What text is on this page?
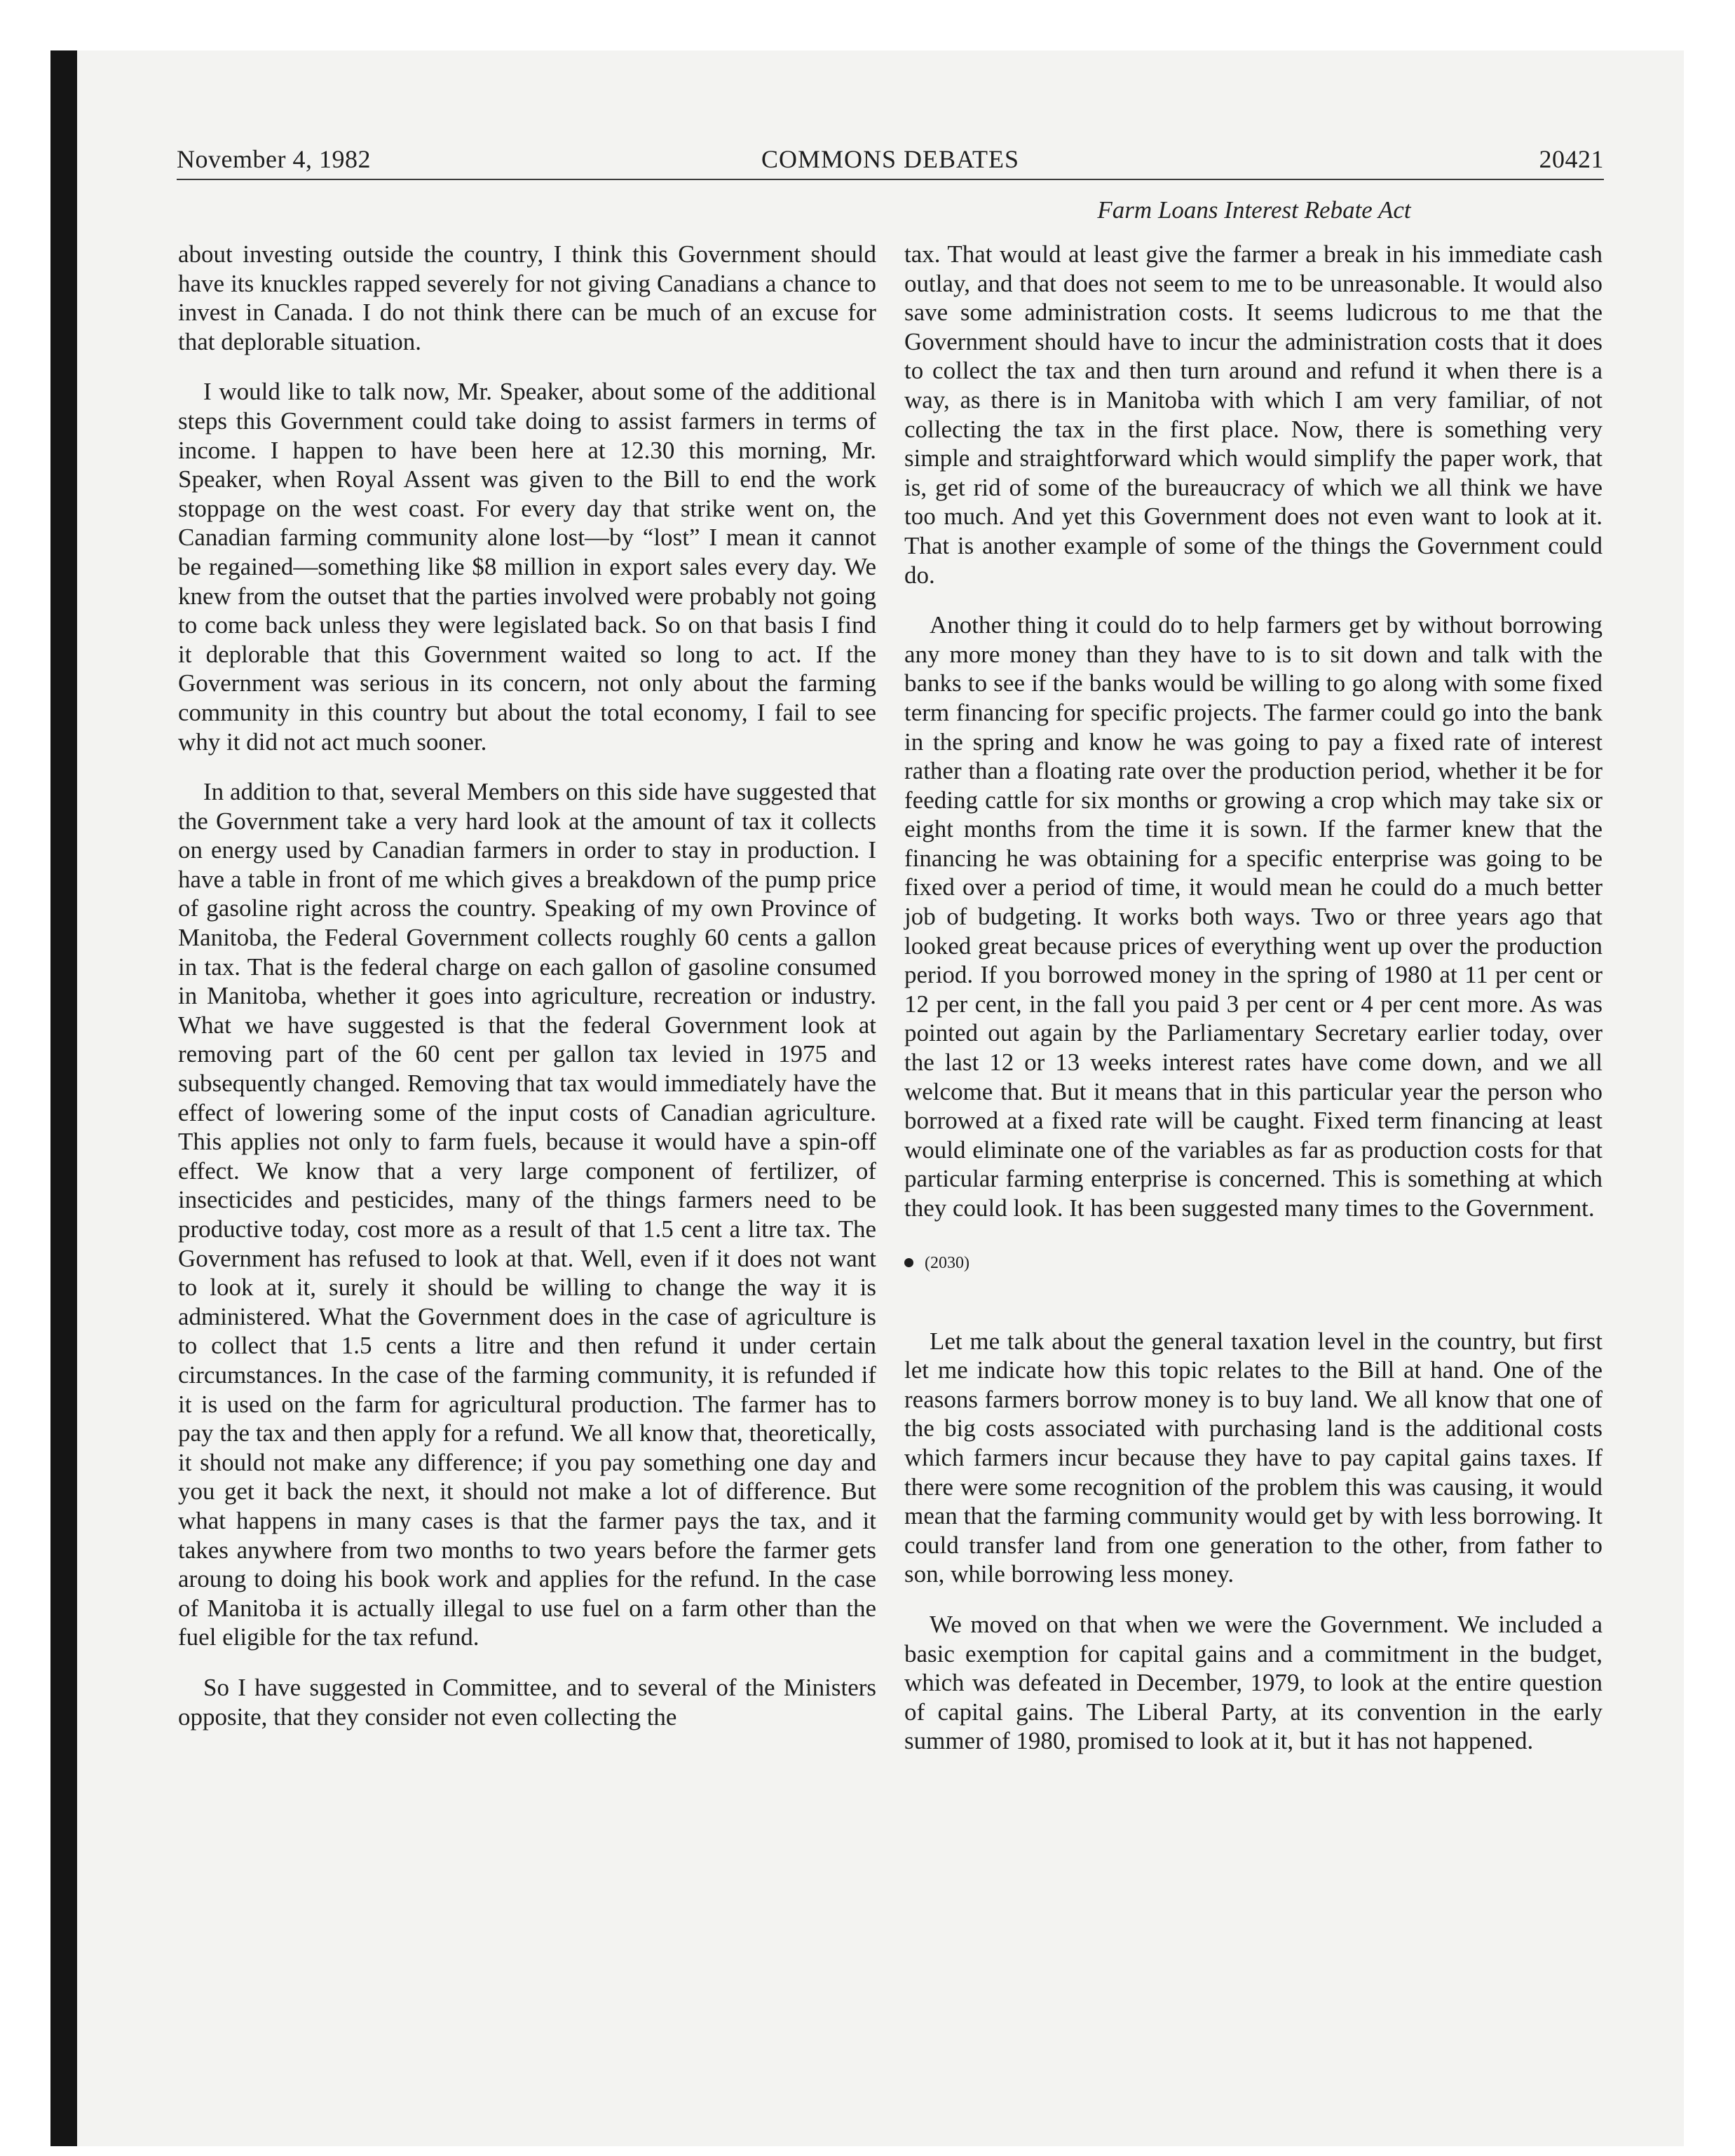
November 4, 1982	COMMONS DEBATES	20421
Farm Loans Interest Rebate Act

about investing outside the country, I think this Government should have its knuckles rapped severely for not giving Canadians a chance to invest in Canada. I do not think there can be much of an excuse for that deplorable situation.

I would like to talk now, Mr. Speaker, about some of the additional steps this Government could take doing to assist farmers in terms of income. I happen to have been here at 12.30 this morning, Mr. Speaker, when Royal Assent was given to the Bill to end the work stoppage on the west coast. For every day that strike went on, the Canadian farming community alone lost—by “lost” I mean it cannot be regained—something like $8 million in export sales every day. We knew from the outset that the parties involved were probably not going to come back unless they were legislated back. So on that basis I find it deplorable that this Government waited so long to act. If the Government was serious in its concern, not only about the farming community in this country but about the total economy, I fail to see why it did not act much sooner.

In addition to that, several Members on this side have suggested that the Government take a very hard look at the amount of tax it collects on energy used by Canadian farmers in order to stay in production. I have a table in front of me which gives a breakdown of the pump price of gasoline right across the country. Speaking of my own Province of Manitoba, the Federal Government collects roughly 60 cents a gallon in tax. That is the federal charge on each gallon of gasoline consumed in Manitoba, whether it goes into agriculture, recreation or industry. What we have suggested is that the federal Government look at removing part of the 60 cent per gallon tax levied in 1975 and subsequently changed. Removing that tax would immediately have the effect of lowering some of the input costs of Canadian agriculture. This applies not only to farm fuels, because it would have a spin-off effect. We know that a very large component of fertilizer, of insecticides and pesticides, many of the things farmers need to be productive today, cost more as a result of that 1.5 cent a litre tax. The Government has refused to look at that. Well, even if it does not want to look at it, surely it should be willing to change the way it is administered. What the Government does in the case of agriculture is to collect that 1.5 cents a litre and then refund it under certain circumstances. In the case of the farming community, it is refunded if it is used on the farm for agricultural production. The farmer has to pay the tax and then apply for a refund. We all know that, theoretically, it should not make any difference; if you pay something one day and you get it back the next, it should not make a lot of difference. But what happens in many cases is that the farmer pays the tax, and it takes anywhere from two months to two years before the farmer gets aroung to doing his book work and applies for the refund. In the case of Manitoba it is actually illegal to use fuel on a farm other than the fuel eligible for the tax refund.

So I have suggested in Committee, and to several of the Ministers opposite, that they consider not even collecting the

tax. That would at least give the farmer a break in his immediate cash outlay, and that does not seem to me to be unreasonable. It would also save some administration costs. It seems ludicrous to me that the Government should have to incur the administration costs that it does to collect the tax and then turn around and refund it when there is a way, as there is in Manitoba with which I am very familiar, of not collecting the tax in the first place. Now, there is something very simple and straightforward which would simplify the paper work, that is, get rid of some of the bureaucracy of which we all think we have too much. And yet this Government does not even want to look at it. That is another example of some of the things the Government could do.

Another thing it could do to help farmers get by without borrowing any more money than they have to is to sit down and talk with the banks to see if the banks would be willing to go along with some fixed term financing for specific projects. The farmer could go into the bank in the spring and know he was going to pay a fixed rate of interest rather than a floating rate over the production period, whether it be for feeding cattle for six months or growing a crop which may take six or eight months from the time it is sown. If the farmer knew that the financing he was obtaining for a specific enterprise was going to be fixed over a period of time, it would mean he could do a much better job of budgeting. It works both ways. Two or three years ago that looked great because prices of everything went up over the production period. If you borrowed money in the spring of 1980 at 11 per cent or 12 per cent, in the fall you paid 3 per cent or 4 per cent more. As was pointed out again by the Parliamentary Secretary earlier today, over the last 12 or 13 weeks interest rates have come down, and we all welcome that. But it means that in this particular year the person who borrowed at a fixed rate will be caught. Fixed term financing at least would eliminate one of the variables as far as production costs for that particular farming enterprise is concerned. This is something at which they could look. It has been suggested many times to the Government.

(2030)

Let me talk about the general taxation level in the country, but first let me indicate how this topic relates to the Bill at hand. One of the reasons farmers borrow money is to buy land. We all know that one of the big costs associated with purchasing land is the additional costs which farmers incur because they have to pay capital gains taxes. If there were some recognition of the problem this was causing, it would mean that the farming community would get by with less borrowing. It could transfer land from one generation to the other, from father to son, while borrowing less money.

We moved on that when we were the Government. We included a basic exemption for capital gains and a commitment in the budget, which was defeated in December, 1979, to look at the entire question of capital gains. The Liberal Party, at its convention in the early summer of 1980, promised to look at it, but it has not happened.
